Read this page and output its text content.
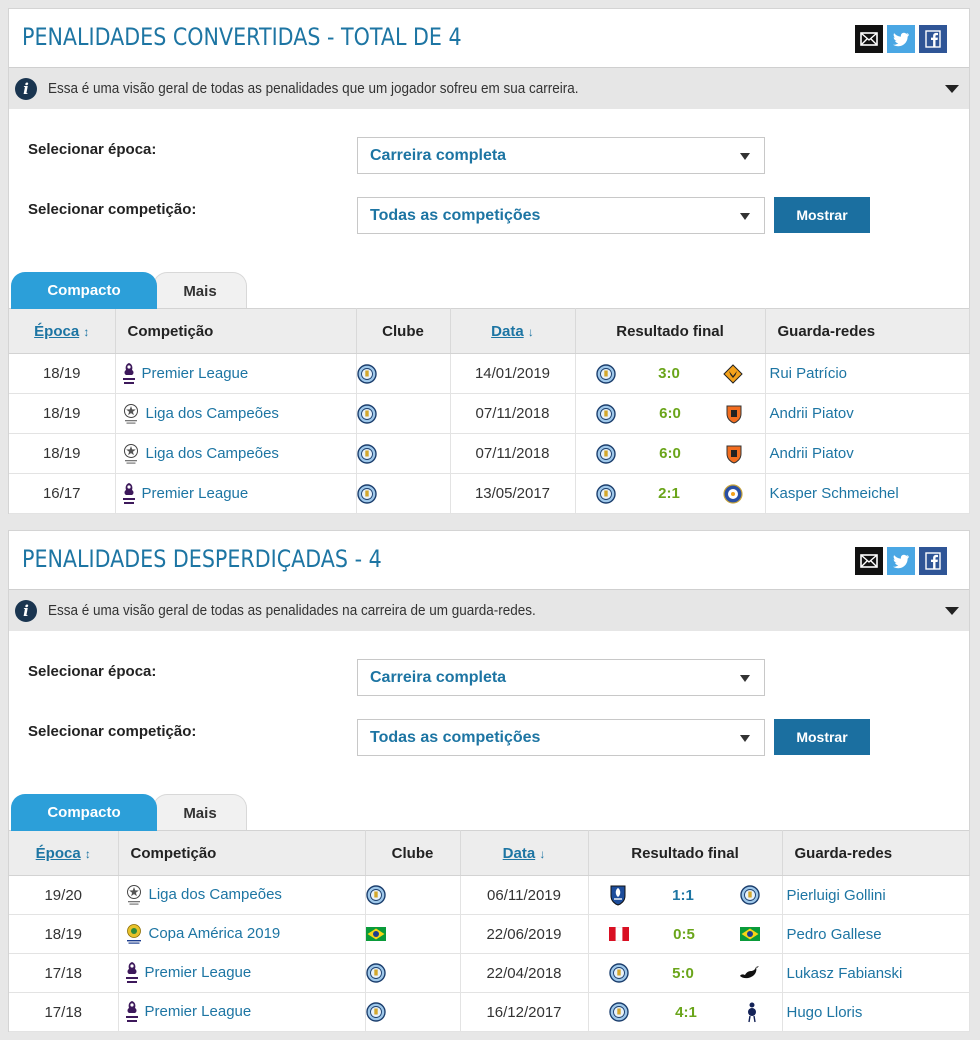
PENALIDADES CONVERTIDAS - TOTAL DE 4
i	Essa é uma visão geral de todas as penalidades que um jogador sofreu em sua carreira.
Selecionar época:	Carreira completa
Selecionar competição:	Todas as competições	Mostrar
Mais
Compacto
Época ↕	Competição	Clube	Data ↓	Resultado final	Guarda-redes
18/19	Premier League		14/01/2019	3:0	Rui Patrício
18/19	Liga dos Campeões		07/11/2018	6:0	Andrii Piatov
18/19	Liga dos Campeões		07/11/2018	6:0	Andrii Piatov
16/17	Premier League		13/05/2017	2:1	Kasper Schmeichel
PENALIDADES DESPERDIÇADAS - 4
i	Essa é uma visão geral de todas as penalidades na carreira de um guarda-redes.
Selecionar época:	Carreira completa
Selecionar competição:	Todas as competições	Mostrar
Mais
Compacto
Época ↕	Competição	Clube	Data ↓	Resultado final	Guarda-redes
19/20	Liga dos Campeões		06/11/2019	1:1	Pierluigi Gollini
18/19	Copa América 2019		22/06/2019	0:5	Pedro Gallese
17/18	Premier League		22/04/2018	5:0	Lukasz Fabianski
17/18	Premier League		16/12/2017	4:1	Hugo Lloris
